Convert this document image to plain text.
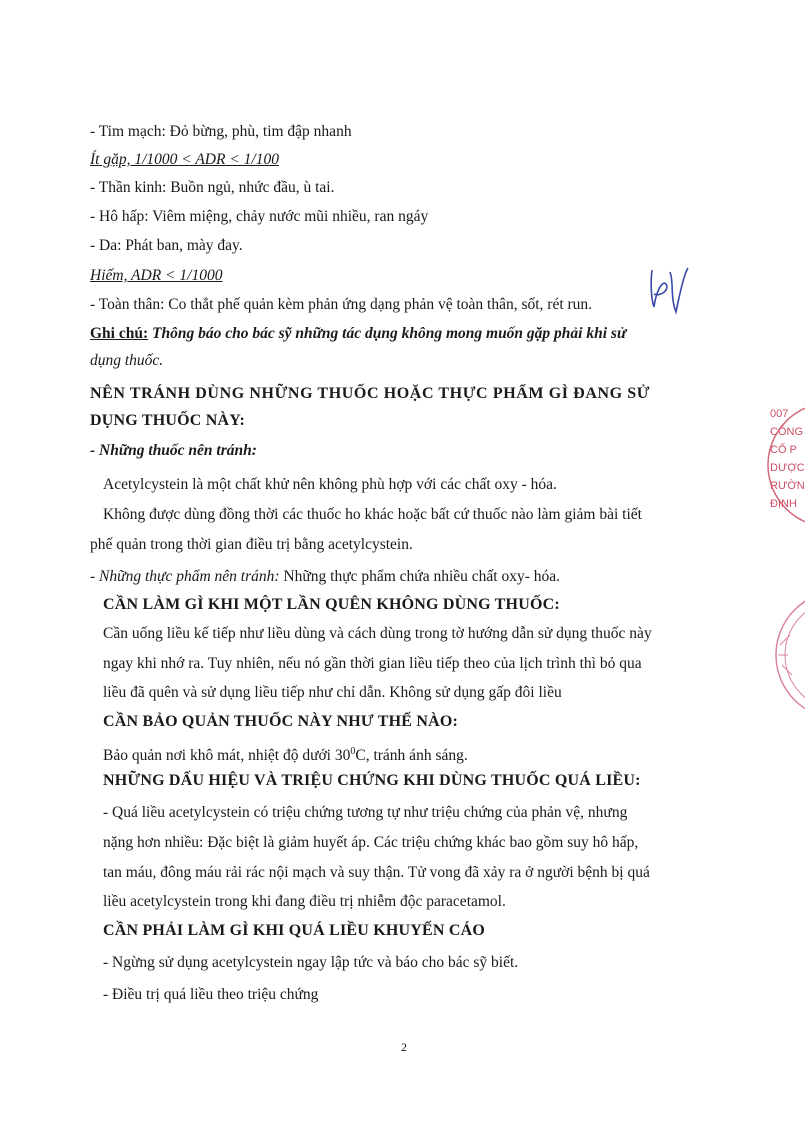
- Tim mạch: Đỏ bừng, phù, tim đập nhanh
Ít gặp, 1/1000 < ADR < 1/100
- Thần kinh: Buồn ngủ, nhức đầu, ù tai.
- Hô hấp: Viêm miệng, chảy nước mũi nhiều, ran ngáy
- Da: Phát ban, mày đay.
Hiếm, ADR < 1/1000
- Toàn thân: Co thắt phế quản kèm phản ứng dạng phản vệ toàn thân, sốt, rét run.
Ghi chú: Thông báo cho bác sỹ những tác dụng không mong muốn gặp phải khi sử
dụng thuốc.
NÊN TRÁNH DÙNG NHỮNG THUỐC HOẶC THỰC PHẨM GÌ ĐANG SỬ
DỤNG THUỐC NÀY:
- Những thuốc nên tránh:
Acetylcystein là một chất khử nên không phù hợp với các chất oxy - hóa.
Không được dùng đồng thời các thuốc ho khác hoặc bất cứ thuốc nào làm giảm bài tiết
phế quản trong thời gian điều trị bằng acetylcystein.
- Những thực phẩm nên tránh: Những thực phẩm chứa nhiều chất oxy- hóa.
CẦN LÀM GÌ KHI MỘT LẦN QUÊN KHÔNG DÙNG THUỐC:
Cần uống liều kế tiếp như liều dùng và cách dùng trong tờ hướng dẫn sử dụng thuốc này
ngay khi nhớ ra. Tuy nhiên, nếu nó gần thời gian liều tiếp theo của lịch trình thì bỏ qua
liều đã quên và sử dụng liều tiếp như chỉ dẫn. Không sử dụng gấp đôi liều
CẦN BẢO QUẢN THUỐC NÀY NHƯ THẾ NÀO:
Bảo quản nơi khô mát, nhiệt độ dưới $30^0C$, tránh ánh sáng.
NHỮNG DẤU HIỆU VÀ TRIỆU CHỨNG KHI DÙNG THUỐC QUÁ LIỀU:
- Quá liều acetylcystein có triệu chứng tương tự như triệu chứng của phản vệ, nhưng
nặng hơn nhiều: Đặc biệt là giảm huyết áp. Các triệu chứng khác bao gồm suy hô hấp,
tan máu, đông máu rải rác nội mạch và suy thận. Tử vong đã xảy ra ở người bệnh bị quá
liều acetylcystein trong khi đang điều trị nhiễm độc paracetamol.
CẦN PHẢI LÀM GÌ KHI QUÁ LIỀU KHUYẾN CÁO
- Ngừng sử dụng acetylcystein ngay lập tức và báo cho bác sỹ biết.
- Điều trị quá liều theo triệu chứng
2
007
CÔNG
CỔ P
DƯỢC
RƯỜN
ĐỊNH
